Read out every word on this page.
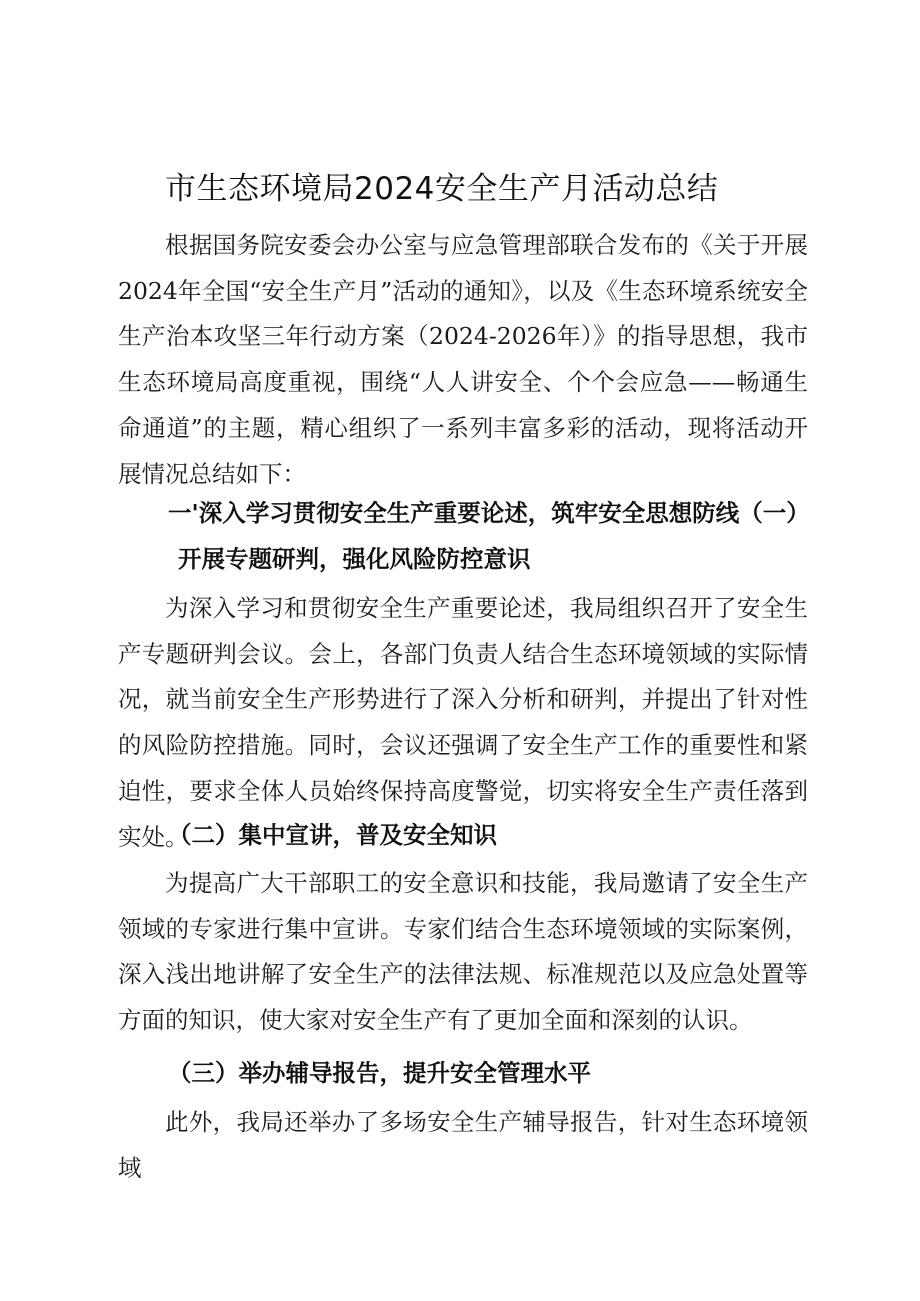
市生态环境局2024安全生产月活动总结

根据国务院安委会办公室与应急管理部联合发布的《关于开展2024年全国“安全生产月”活动的通知》，以及《生态环境系统安全生产治本攻坚三年行动方案（2024-2026年）》的指导思想，我市生态环境局高度重视，围绕“人人讲安全、个个会应急——畅通生命通道”的主题，精心组织了一系列丰富多彩的活动，现将活动开展情况总结如下：

一'深入学习贯彻安全生产重要论述，筑牢安全思想防线（一）
开展专题研判，强化风险防控意识

为深入学习和贯彻安全生产重要论述，我局组织召开了安全生产专题研判会议。会上，各部门负责人结合生态环境领域的实际情况，就当前安全生产形势进行了深入分析和研判，并提出了针对性的风险防控措施。同时，会议还强调了安全生产工作的重要性和紧迫性，要求全体人员始终保持高度警觉，切实将安全生产责任落到实处。

（二）集中宣讲，普及安全知识

为提高广大干部职工的安全意识和技能，我局邀请了安全生产领域的专家进行集中宣讲。专家们结合生态环境领域的实际案例，深入浅出地讲解了安全生产的法律法规、标准规范以及应急处置等方面的知识，使大家对安全生产有了更加全面和深刻的认识。

（三）举办辅导报告，提升安全管理水平

此外，我局还举办了多场安全生产辅导报告，针对生态环境领域
